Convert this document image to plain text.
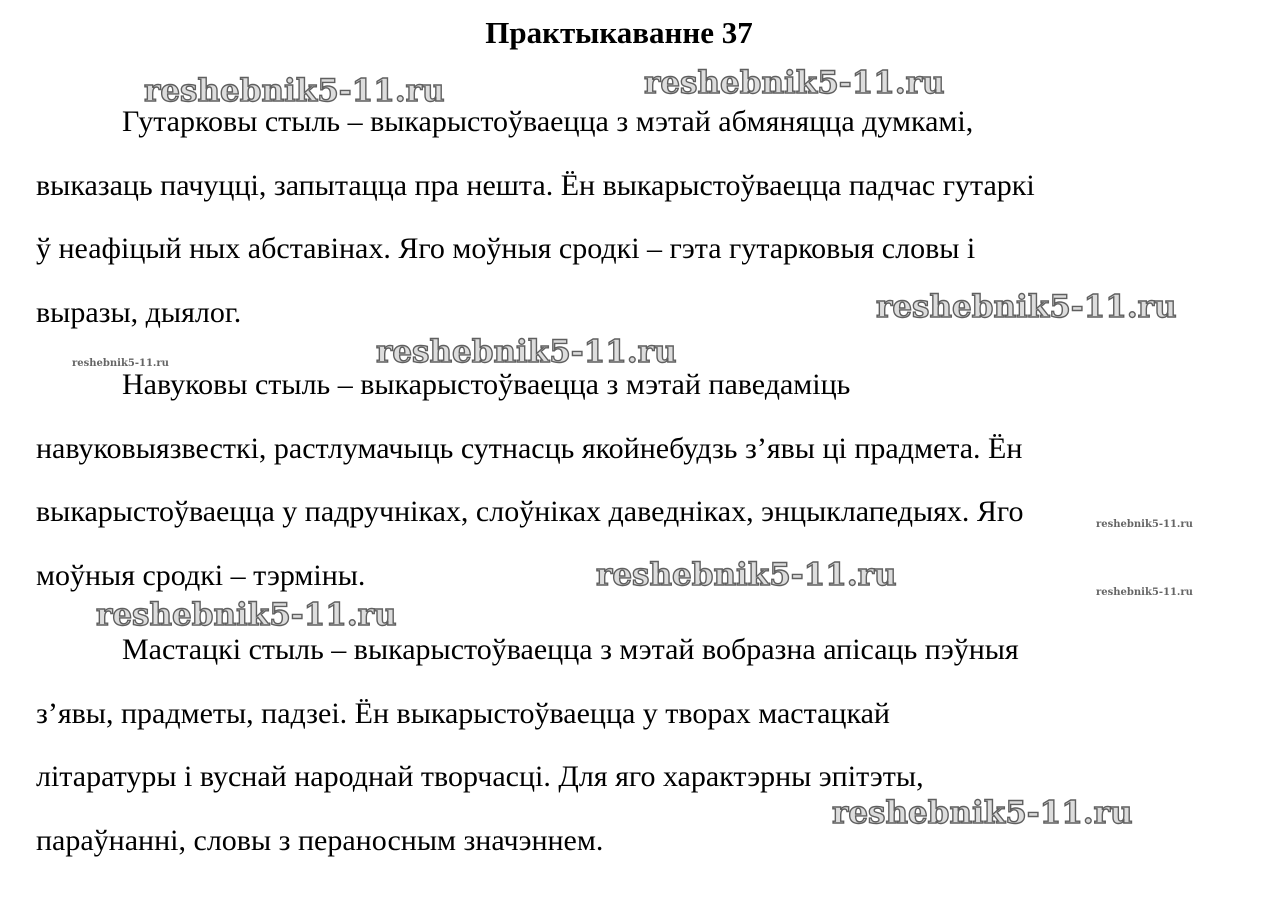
Практыкаванне 37
Гутарковы стыль – выкарыстоўваецца з мэтай абмяняцца думкамі,
выказаць пачуцці, запытацца пра нешта. Ён выкарыстоўваецца падчас гутаркі
ў неафіцый ных абставінах. Яго моўныя сродкі – гэта гутарковыя словы і
выразы, дыялог.
Навуковы стыль – выкарыстоўваецца з мэтай паведаміць
навуковыязвесткі, растлумачыць сутнасць якойнебудзь з’явы ці прадмета. Ён
выкарыстоўваецца у падручніках, слоўніках даведніках, энцыклапедыях. Яго
моўныя сродкі – тэрміны.
Мастацкі стыль – выкарыстоўваецца з мэтай вобразна апісаць пэўныя
з’явы, прадметы, падзеі. Ён выкарыстоўваецца у творах мастацкай
літаратуры і вуснай народнай творчасці. Для яго характэрны эпітэты,
параўнанні, словы з пераносным значэннем.
reshebnik5-11.ru	reshebnik5-11.ru
reshebnik5-11.ru
reshebnik5-11.ru
reshebnik5-11.ru
reshebnik5-11.ru
reshebnik5-11.ru
reshebnik5-11.ru
reshebnik5-11.ru
reshebnik5-11.ru
